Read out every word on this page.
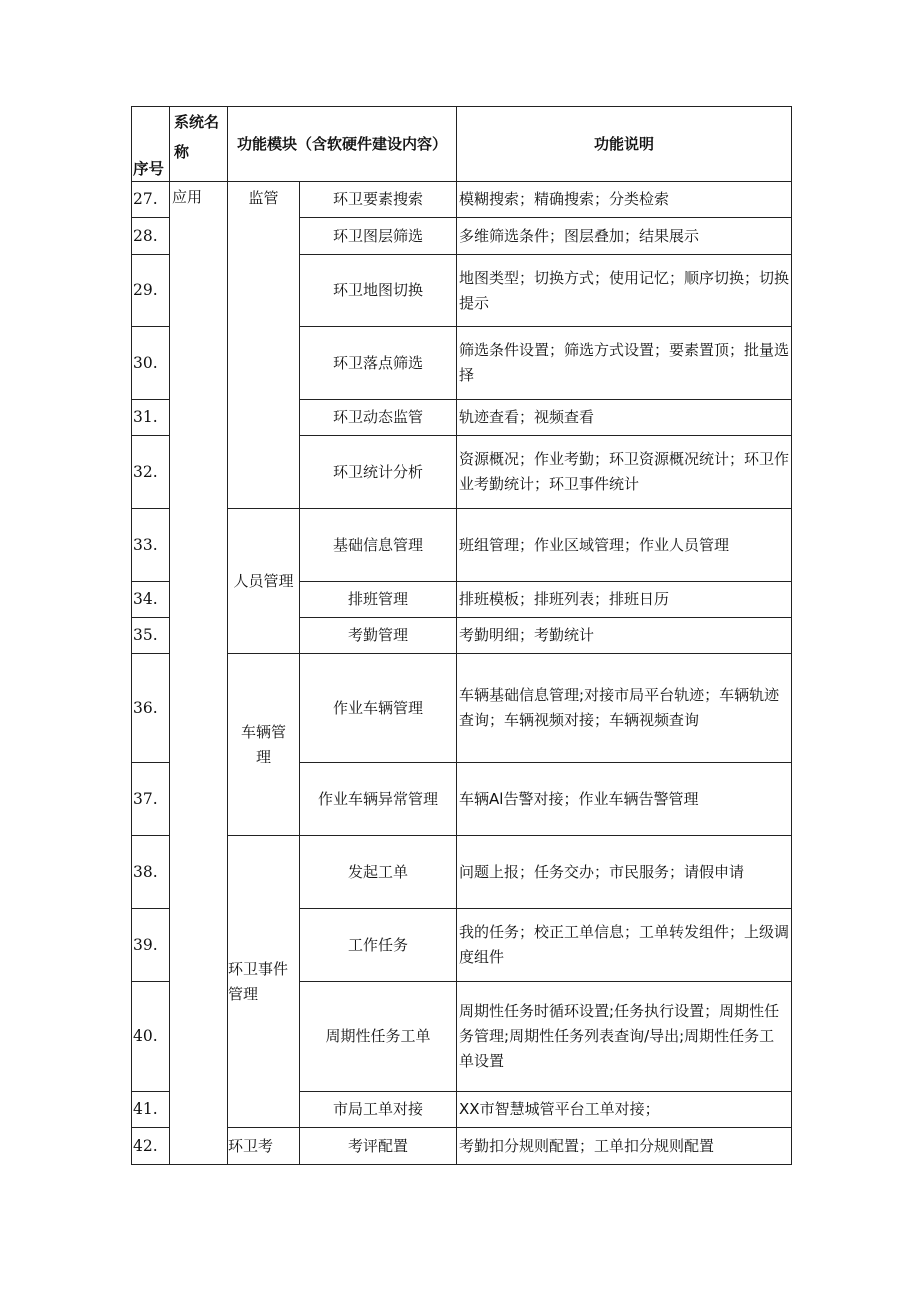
序号	系统名称	功能模块（含软硬件建设内容）		功能说明
27.	应用	监管	环卫要素搜索	模糊搜索；精确搜索；分类检索
28.			环卫图层筛选	多维筛选条件；图层叠加；结果展示
29.			环卫地图切换	地图类型；切换方式；使用记忆；顺序切换；切换提示
30.			环卫落点筛选	筛选条件设置；筛选方式设置；要素置顶；批量选择
31.			环卫动态监管	轨迹查看；视频查看
32.			环卫统计分析	资源概况；作业考勤；环卫资源概况统计；环卫作业考勤统计；环卫事件统计
33.		人员管理	基础信息管理	班组管理；作业区域管理；作业人员管理
34.			排班管理	排班模板；排班列表；排班日历
35.			考勤管理	考勤明细；考勤统计
36.		车辆管理	作业车辆管理	车辆基础信息管理;对接市局平台轨迹；车辆轨迹查询；车辆视频对接；车辆视频查询
37.			作业车辆异常管理	车辆Al告警对接；作业车辆告警管理
38.		环卫事件管理	发起工单	问题上报；任务交办；市民服务；请假申请
39.			工作任务	我的任务；校正工单信息；工单转发组件；上级调度组件
40.			周期性任务工单	周期性任务时循环设置;任务执行设置；周期性任务管理;周期性任务列表查询/导出;周期性任务工单设置
41.			市局工单对接	XX市智慧城管平台工单对接；
42.		环卫考	考评配置	考勤扣分规则配置；工单扣分规则配置
